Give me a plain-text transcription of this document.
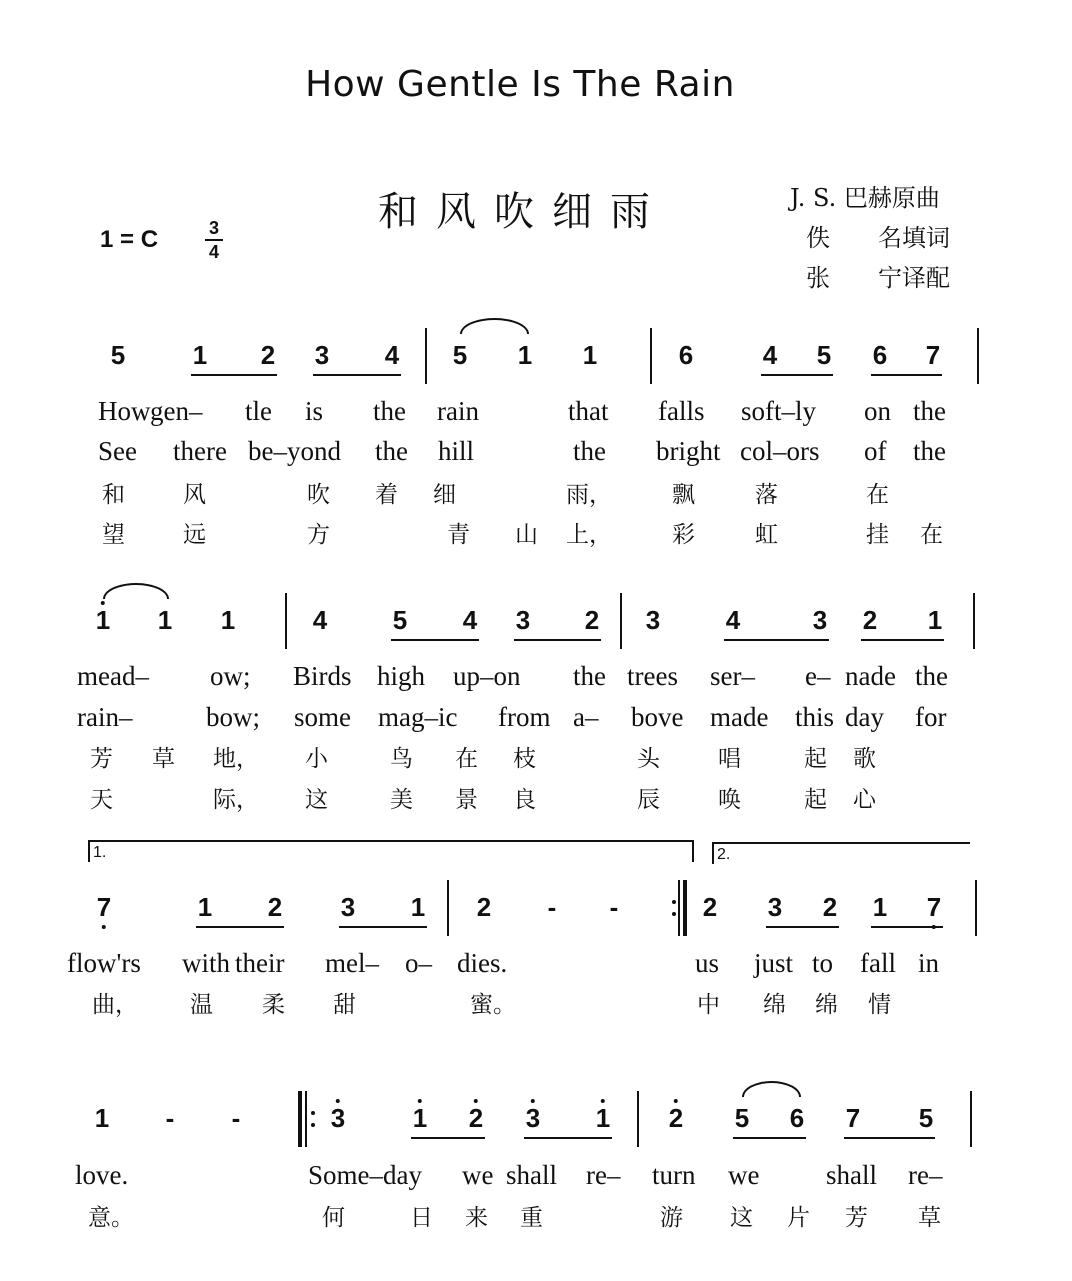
How Gentle Is The Rain
和风吹细雨
1 = C	3
4
J. S. 巴赫原曲
佚　　名填词
张　　宁译配
5	1 2 3 4 5 1 1	6	4 5 6 7
How gen– tle is the rain	that falls soft–ly on the
See there be–yond the hill	the bright col–ors of the
和	风	吹 着 细	雨，	飘	落	在
望	远	方	青 山 上，	彩	虹	挂 在
1 1 1	4	5 4 3 2 3	4	3 2 1
mead– ow; Birds high up–on the trees ser– e– nade the
rain–	bow; some mag–ic from a– bove made this day for
芳 草 地， 小	鸟 在 枝	头	唱	起 歌
天	际， 这	美 景 良	辰	唤	起 心
7	1 2 3 1 2 - -	2 3 2 1 7
1.	2.
flow'rs with their mel– o– dies.	us just to fall in
曲， 温 柔 甜	蜜。	中 绵 绵 情
1 - -	3	1 2 3 1 2 5 6 7 5
love.	Some–day we shall re– turn we shall re–
意。	何	日 来 重	游 这 片 芳 草
